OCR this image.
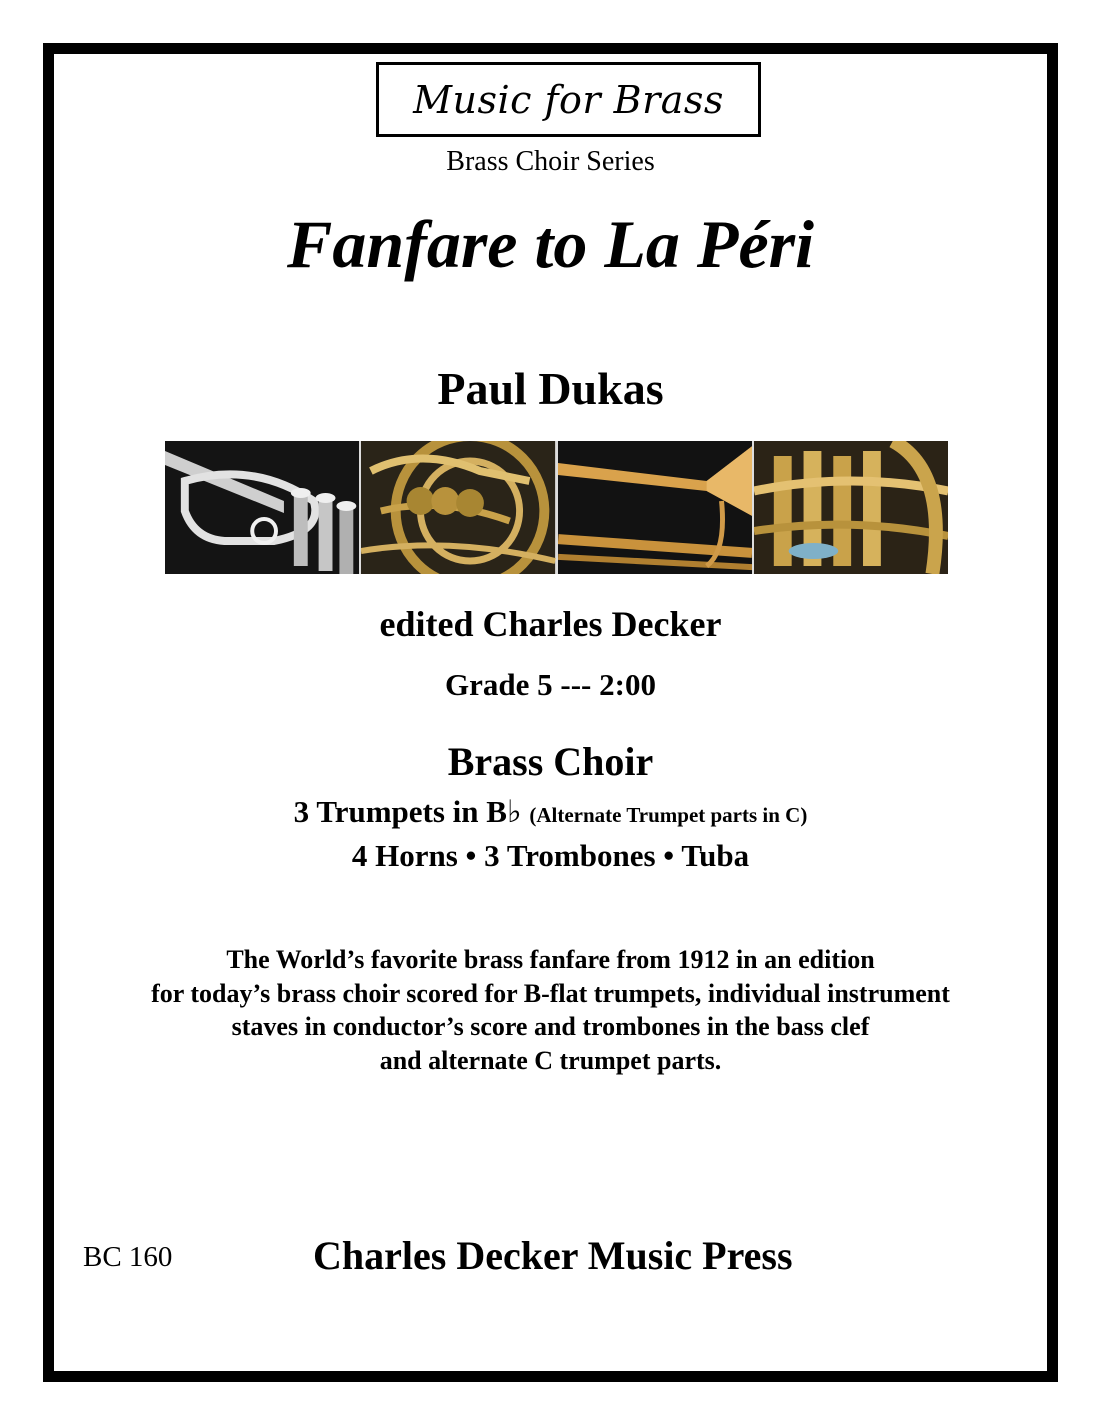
Music for Brass
Brass Choir Series
Fanfare to La Péri
Paul Dukas
edited Charles Decker
Grade 5 --- 2:00
Brass Choir
3 Trumpets in B♭ (Alternate Trumpet parts in C)
4 Horns • 3 Trombones • Tuba
The World’s favorite brass fanfare from 1912 in an edition
for today’s brass choir scored for B-flat trumpets, individual instrument
staves in conductor’s score and trombones in the bass clef
and alternate C trumpet parts.
BC 160	Charles Decker Music Press
